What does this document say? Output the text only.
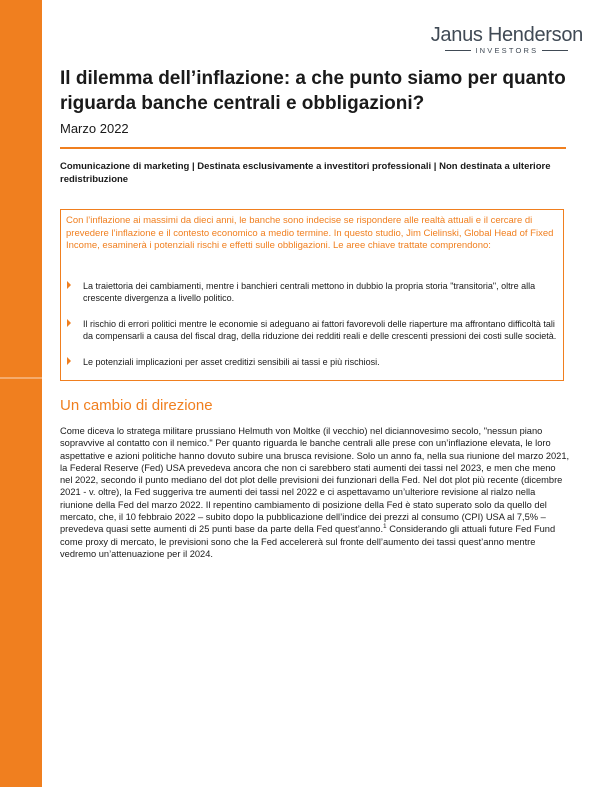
Janus Henderson
INVESTORS
Il dilemma dell’inflazione: a che punto siamo per quanto riguarda banche centrali e obbligazioni?
Marzo 2022
Comunicazione di marketing | Destinata esclusivamente a investitori professionali | Non destinata a ulteriore redistribuzione

Con l’inflazione ai massimi da dieci anni, le banche sono indecise se rispondere alle realtà attuali e il cercare di prevedere l’inflazione e il contesto economico a medio termine. In questo studio, Jim Cielinski, Global Head of Fixed Income, esaminerà i potenziali rischi e effetti sulle obbligazioni. Le aree chiave trattate comprendono:

La traiettoria dei cambiamenti, mentre i banchieri centrali mettono in dubbio la propria storia "transitoria", oltre alla crescente divergenza a livello politico.
Il rischio di errori politici mentre le economie si adeguano ai fattori favorevoli delle riaperture ma affrontano difficoltà tali da compensarli a causa del fiscal drag, della riduzione dei redditi reali e delle crescenti pressioni dei costi sulle società.
Le potenziali implicazioni per asset creditizi sensibili ai tassi e più rischiosi.
Un cambio di direzione

Come diceva lo stratega militare prussiano Helmuth von Moltke (il vecchio) nel diciannovesimo secolo, "nessun piano sopravvive al contatto con il nemico." Per quanto riguarda le banche centrali alle prese con un’inflazione elevata, le loro aspettative e azioni politiche hanno dovuto subire una brusca revisione. Solo un anno fa, nella sua riunione del marzo 2021, la Federal Reserve (Fed) USA prevedeva ancora che non ci sarebbero stati aumenti dei tassi nel 2023, e men che meno nel 2022, secondo il punto mediano del dot plot delle previsioni dei funzionari della Fed. Nel dot plot più recente (dicembre 2021 - v. oltre), la Fed suggeriva tre aumenti dei tassi nel 2022 e ci aspettavamo un’ulteriore revisione al rialzo nella riunione della Fed del marzo 2022. Il repentino cambiamento di posizione della Fed è stato superato solo da quello del mercato, che, il 10 febbraio 2022 – subito dopo la pubblicazione dell’indice dei prezzi al consumo (CPI) USA al 7,5% – prevedeva quasi sette aumenti di 25 punti base da parte della Fed quest’anno.$^1$ Considerando gli attuali future Fed Fund come proxy di mercato, le previsioni sono che la Fed accelererà sul fronte dell’aumento dei tassi quest’anno mentre vedremo un’attenuazione per il 2024.
